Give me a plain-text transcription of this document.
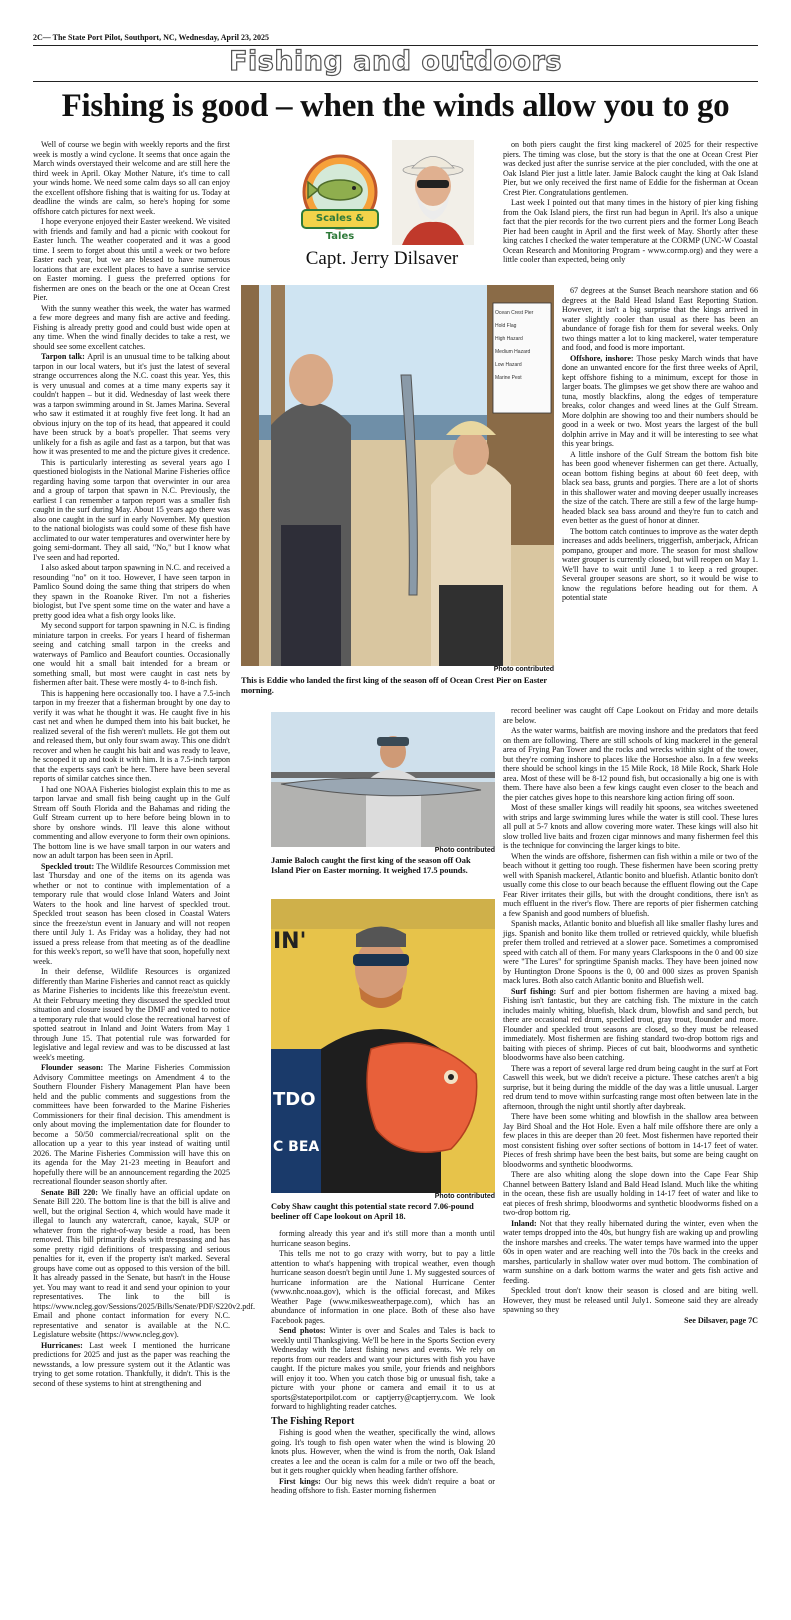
2C— The State Port Pilot, Southport, NC, Wednesday, April 23, 2025
Fishing and outdoors
Fishing is good – when the winds allow you to go

Well of course we begin with weekly reports and the first week is mostly a wind cyclone. It seems that once again the March winds overstayed their welcome and are still here the third week in April. Okay Mother Nature, it's time to call your winds home. We need some calm days so all can enjoy the excellent offshore fishing that is waiting for us. Today at deadline the winds are calm, so here's hoping for some offshore catch pictures for next week.

I hope everyone enjoyed their Easter weekend. We visited with friends and family and had a picnic with cookout for Easter lunch. The weather cooperated and it was a good time. I seem to forget about this until a week or two before Easter each year, but we are blessed to have numerous locations that are excellent places to have a sunrise service on Easter morning. I guess the preferred options for fishermen are ones on the beach or the one at Ocean Crest Pier.

With the sunny weather this week, the water has warmed a few more degrees and many fish are active and feeding. Fishing is already pretty good and could bust wide open at any time. When the wind finally decides to take a rest, we should see some excellent catches.

Tarpon talk: April is an unusual time to be talking about tarpon in our local waters, but it's just the latest of several strange occurrences along the N.C. coast this year. Yes, this is very unusual and comes at a time many experts say it couldn't happen – but it did. Wednesday of last week there was a tarpon swimming around in St. James Marina. Several who saw it estimated it at roughly five feet long. It had an obvious injury on the top of its head, that appeared it could have been struck by a boat's propeller. That seems very unlikely for a fish as agile and fast as a tarpon, but that was how it was presented to me and the picture gives it credence.

This is particularly interesting as several years ago I questioned biologists in the National Marine Fisheries office regarding having some tarpon that overwinter in our area and a group of tarpon that spawn in N.C. Previously, the earliest I can remember a tarpon report was a smaller fish caught in the surf during May. About 15 years ago there was also one caught in the surf in early November. My question to the national biologists was could some of these fish have acclimated to our water temperatures and overwinter here by going semi-dormant. They all said, "No," but I know what I've seen and had reported.

I also asked about tarpon spawning in N.C. and received a resounding "no" on it too. However, I have seen tarpon in Pamlico Sound doing the same thing that stripers do when they spawn in the Roanoke River. I'm not a fisheries biologist, but I've spent some time on the water and have a pretty good idea what a fish orgy looks like.

My second support for tarpon spawning in N.C. is finding miniature tarpon in creeks. For years I heard of fisherman seeing and catching small tarpon in the creeks and waterways of Pamlico and Beaufort counties. Occasionally one would hit a small bait intended for a bream or something small, but most were caught in cast nets by fishermen after bait. These were mostly 4- to 8-inch fish.

This is happening here occasionally too. I have a 7.5-inch tarpon in my freezer that a fisherman brought by one day to verify it was what he thought it was. He caught five in his cast net and when he dumped them into his bait bucket, he realized several of the fish weren't mullets. He got them out and released them, but only four swam away. This one didn't recover and when he caught his bait and was ready to leave, he scooped it up and took it with him. It is a 7.5-inch tarpon that the experts says can't be here. There have been several reports of similar catches since then.

I had one NOAA Fisheries biologist explain this to me as tarpon larvae and small fish being caught up in the Gulf Stream off South Florida and the Bahamas and riding the Gulf Stream current up to here before being blown in to shore by onshore winds. I'll leave this alone without commenting and allow everyone to form their own opinions. The bottom line is we have small tarpon in our waters and now an adult tarpon has been seen in April.

Speckled trout: The Wildlife Resources Commission met last Thursday and one of the items on its agenda was whether or not to continue with implementation of a temporary rule that would close Inland Waters and Joint Waters to the hook and line harvest of speckled trout. Speckled trout season has been closed in Coastal Waters since the freeze/stun event in January and will not reopen there until July 1. As Friday was a holiday, they had not issued a press release from that meeting as of the deadline for this week's report, so we'll have that soon, hopefully next week.

In their defense, Wildlife Resources is organized differently than Marine Fisheries and cannot react as quickly as Marine Fisheries to incidents like this freeze/stun event. At their February meeting they discussed the speckled trout situation and closure issued by the DMF and voted to notice a temporary rule that would close the recreational harvest of spotted seatrout in Inland and Joint Waters from May 1 through June 15. That potential rule was forwarded for legislative and legal review and was to be discussed at last week's meeting.

Flounder season: The Marine Fisheries Commission Advisory Committee meetings on Amendment 4 to the Southern Flounder Fishery Management Plan have been held and the public comments and suggestions from the committees have been forwarded to the Marine Fisheries Commissioners for their final decision. This amendment is only about moving the implementation date for flounder to become a 50/50 commercial/recreational split on the allocation up a year to this year instead of waiting until 2026. The Marine Fisheries Commission will have this on its agenda for the May 21-23 meeting in Beaufort and hopefully there will be an announcement regarding the 2025 recreational flounder season shortly after.

Senate Bill 220: We finally have an official update on Senate Bill 220. The bottom line is that the bill is alive and well, but the original Section 4, which would have made it illegal to launch any watercraft, canoe, kayak, SUP or whatever from the right-of-way beside a road, has been removed. This bill primarily deals with trespassing and has some pretty rigid definitions of trespassing and serious penalties for it, even if the property isn't marked. Several groups have come out as opposed to this version of the bill. It has already passed in the Senate, but hasn't in the House yet. You may want to read it and send your opinion to your representatives. The link to the bill is https://www.ncleg.gov/Sessions/2025/Bills/Senate/PDF/S220v2.pdf. Email and phone contact information for every N.C. representative and senator is available at the N.C. Legislature website (https://www.ncleg.gov).

Hurricanes: Last week I mentioned the hurricane predictions for 2025 and just as the paper was reaching the newsstands, a low pressure system out it the Atlantic was trying to get some rotation. Thankfully, it didn't. This is the second of these systems to hint at strengthening and

Scales & Tales
Capt. Jerry Dilsaver

on both piers caught the first king mackerel of 2025 for their respective piers. The timing was close, but the story is that the one at Ocean Crest Pier was decked just after the sunrise service at the pier concluded, with the one at Oak Island Pier just a little later. Jamie Balock caught the king at Oak Island Pier, but we only received the first name of Eddie for the fisherman at Ocean Crest Pier. Congratulations gentlemen.

Last week I pointed out that many times in the history of pier king fishing from the Oak Island piers, the first run had begun in April. It's also a unique fact that the pier records for the two current piers and the former Long Beach Pier had been caught in April and the first week of May. Shortly after these king catches I checked the water temperature at the CORMP (UNC-W Coastal Ocean Research and Monitoring Program - www.cormp.org) and they were a little cooler than expected, being only

Ocean Crest Pier
Hold Flag
High Hazard
Medium Hazard
Low Hazard
Marine Pest
Photo contributed
This is Eddie who landed the first king of the season off of Ocean Crest Pier on Easter morning.

67 degrees at the Sunset Beach nearshore station and 66 degrees at the Bald Head Island East Reporting Station. However, it isn't a big surprise that the kings arrived in water slightly cooler than usual as there has been an abundance of forage fish for them for several weeks. Only two things matter a lot to king mackerel, water temperature and food, and food is more important.

Offshore, inshore: Those pesky March winds that have done an unwanted encore for the first three weeks of April, kept offshore fishing to a minimum, except for those in larger boats. The glimpses we get show there are wahoo and tuna, mostly blackfins, along the edges of temperature breaks, color changes and weed lines at the Gulf Stream. More dolphin are showing too and their numbers should be good in a week or two. Most years the largest of the bull dolphin arrive in May and it will be interesting to see what this year brings.

A little inshore of the Gulf Stream the bottom fish bite has been good whenever fishermen can get there. Actually, ocean bottom fishing begins at about 60 feet deep, with black sea bass, grunts and porgies. There are a lot of shorts in this shallower water and moving deeper usually increases the size of the catch. There are still a few of the large hump-headed black sea bass around and they're fun to catch and even better as the guest of honor at dinner.

The bottom catch continues to improve as the water depth increases and adds beeliners, triggerfish, amberjack, African pompano, grouper and more. The season for most shallow water grouper is currently closed, but will reopen on May 1. We'll have to wait until June 1 to keep a red grouper. Several grouper seasons are short, so it would be wise to know the regulations before heading out for them. A potential state

Photo contributed
Jamie Baloch caught the first king of the season off Oak Island Pier on Easter morning. It weighed 17.5 pounds.
IN'
TDO
C BEA
Photo contributed
Coby Shaw caught this potential state record 7.06-pound beeliner off Cape lookout on April 18.

forming already this year and it's still more than a month until hurricane season begins.

This tells me not to go crazy with worry, but to pay a little attention to what's happening with tropical weather, even though hurricane season doesn't begin until June 1. My suggested sources of hurricane information are the National Hurricane Center (www.nhc.noaa.gov), which is the official forecast, and Mikes Weather Page (www.mikesweatherpage.com), which has an abundance of information in one place. Both of these also have Facebook pages.

Send photos: Winter is over and Scales and Tales is back to weekly until Thanksgiving. We'll be here in the Sports Section every Wednesday with the latest fishing news and events. We rely on reports from our readers and want your pictures with fish you have caught. If the picture makes you smile, your friends and neighbors will enjoy it too. When you catch those big or unusual fish, take a picture with your phone or camera and email it to us at sports@stateportpilot.com or captjerry@captjerry.com. We look forward to highlighting reader catches.

The Fishing Report

Fishing is good when the weather, specifically the wind, allows going. It's tough to fish open water when the wind is blowing 20 knots plus. However, when the wind is from the north, Oak Island creates a lee and the ocean is calm for a mile or two off the beach, but it gets rougher quickly when heading farther offshore.

First kings: Our big news this week didn't require a boat or heading offshore to fish. Easter morning fishermen

record beeliner was caught off Cape Lookout on Friday and more details are below.

As the water warms, baitfish are moving inshore and the predators that feed on them are following. There are still schools of king mackerel in the general area of Frying Pan Tower and the rocks and wrecks within sight of the tower, but they're coming inshore to places like the Horseshoe also. In a few weeks there should be school kings in the 15 Mile Rock, 18 Mile Rock, Shark Hole area. Most of these will be 8-12 pound fish, but occasionally a big one is with them. There have also been a few kings caught even closer to the beach and the pier catches gives hope to this nearshore king action firing off soon.

Most of these smaller kings will readily hit spoons, sea witches sweetened with strips and large swimming lures while the water is still cool. These lures all pull at 5-7 knots and allow covering more water. These kings will also hit slow trolled live baits and frozen cigar minnows and many fishermen feel this is the technique for convincing the larger kings to bite.

When the winds are offshore, fishermen can fish within a mile or two of the beach without it getting too rough. These fishermen have been scoring pretty well with Spanish mackerel, Atlantic bonito and bluefish. Atlantic bonito don't usually come this close to our beach because the effluent flowing out the Cape Fear River irritates their gills, but with the drought conditions, there isn't as much effluent in the river's flow. There are reports of pier fishermen catching a few Spanish and good numbers of bluefish.

Spanish macks, Atlantic bonito and bluefish all like smaller flashy lures and jigs. Spanish and bonito like them trolled or retrieved quickly, while bluefish prefer them trolled and retrieved at a slower pace. Sometimes a compromised speed with catch all of them. For many years Clarkspoons in the 0 and 00 size were "The Lures" for springtime Spanish macks. They have been joined now by Huntington Drone Spoons is the 0, 00 and 000 sizes as proven Spanish mack lures. Both also catch Atlantic bonito and Bluefish well.

Surf fishing: Surf and pier bottom fishermen are having a mixed bag. Fishing isn't fantastic, but they are catching fish. The mixture in the catch includes mainly whiting, bluefish, black drum, blowfish and sand perch, but there are occasional red drum, speckled trout, gray trout, flounder and more. Flounder and speckled trout seasons are closed, so they must be released immediately. Most fishermen are fishing standard two-drop bottom rigs and baiting with pieces of shrimp. Pieces of cut bait, bloodworms and synthetic bloodworms have also been catching.

There was a report of several large red drum being caught in the surf at Fort Caswell this week, but we didn't receive a picture. These catches aren't a big surprise, but it being during the middle of the day was a little unusual. Larger red drum tend to move within surfcasting range most often between late in the afternoon, through the night until shortly after daybreak.

There have been some whiting and blowfish in the shallow area between Jay Bird Shoal and the Hot Hole. Even a half mile offshore there are only a few places in this are deeper than 20 feet. Most fishermen have reported their most consistent fishing over softer sections of bottom in 14-17 feet of water. Pieces of fresh shrimp have been the best baits, but some are being caught on bloodworms and synthetic bloodworms.

There are also whiting along the slope down into the Cape Fear Ship Channel between Battery Island and Bald Head Island. Much like the whiting in the ocean, these fish are usually holding in 14-17 feet of water and like to eat pieces of fresh shrimp, bloodworms and synthetic bloodworms fished on a two-drop bottom rig.

Inland: Not that they really hibernated during the winter, even when the water temps dropped into the 40s, but hungry fish are waking up and prowling the inshore marshes and creeks. The water temps have warmed into the upper 60s in open water and are reaching well into the 70s back in the creeks and marshes, particularly in shallow water over mud bottom. The combination of warm sunshine on a dark bottom warms the water and gets fish active and feeding.

Speckled trout don't know their season is closed and are biting well. However, they must be released until July1. Someone said they are already spawning so they

See Dilsaver, page 7C
